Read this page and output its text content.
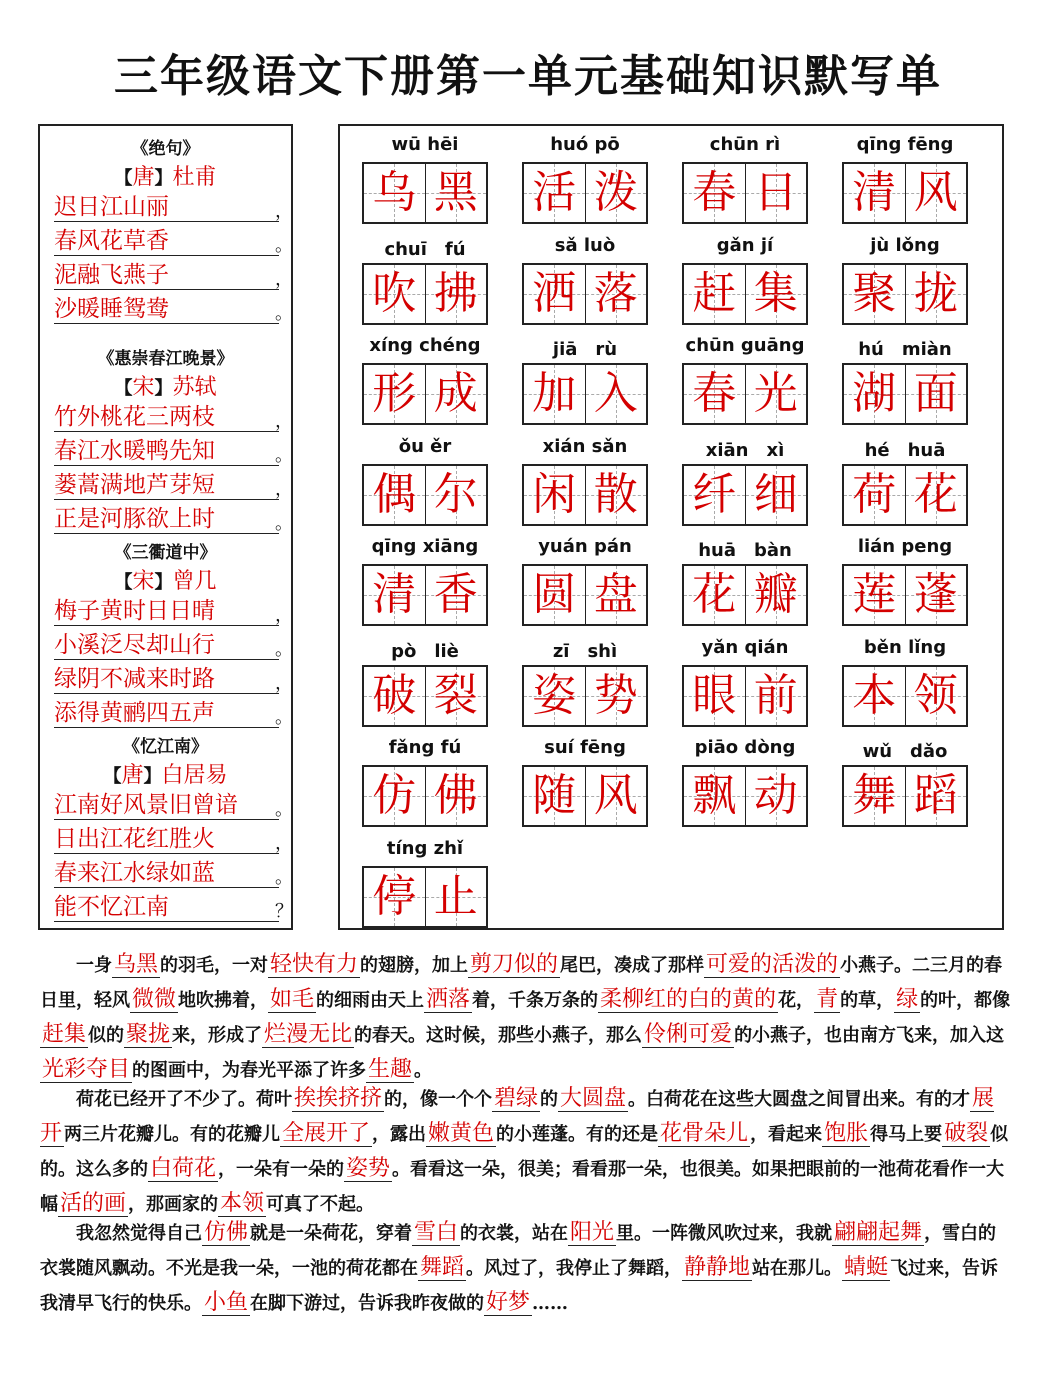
三年级语文下册第一单元基础知识默写单
《绝句》
【唐】杜甫
迟日江山丽	，
春风花草香	。
泥融飞燕子	，
沙暖睡鸳鸯	。
《惠崇春江晚景》
【宋】苏轼
竹外桃花三两枝	，
春江水暖鸭先知	。
蒌蒿满地芦芽短	，
正是河豚欲上时	。
《三衢道中》
【宋】曾几
梅子黄时日日晴	，
小溪泛尽却山行	。
绿阴不减来时路	，
添得黄鹂四五声	。
《忆江南》
【唐】白居易
江南好风景旧曾谙 。
日出江花红胜火	，
春来江水绿如蓝	。
能不忆江南	？
wū hēi
乌 黑
huó pō
活 泼
chūn rì
春 日
qīng fēng
清 风
chuī　fú
吹 拂
sǎ luò
洒 落
gǎn jí
赶 集
jù lǒng
聚 拢
xíng chéng
形 成
jiā　rù
加 入
chūn guāng
春 光
hú　miàn
湖 面
ǒu ěr
偶 尔
xián sǎn
闲 散
xiān　xì
纤 细
hé　huā
荷 花
qīng xiāng
清 香
yuán pán
圆 盘
huā　bàn
花 瓣
lián peng
莲 蓬
pò　liè
破 裂
zī　shì
姿 势
yǎn qián
眼 前
běn lǐng
本 领
fǎng fú
仿 佛
suí fēng
随 风
piāo dòng
飘 动
wǔ　dǎo
舞 蹈
tíng zhǐ
停 止
　　一身乌黑 的羽毛，一对轻快有力 的翅膀，加上剪刀似的 尾巴，凑成了那样可爱的活泼的 小燕子。二三月的春日里，轻风微微 地吹拂着，如毛 的细雨由天上洒落 着，千条万条的柔柳红的白的黄的 花，青 的草，绿 的叶，都像赶集 似的聚拢 来，形成了烂漫无比 的春天。这时候，那些小燕子，那么伶俐可爱 的小燕子，也由南方飞来，加入这光彩夺目 的图画中，为春光平添了许多生趣 。
　　荷花已经开了不少了。荷叶挨挨挤挤 的，像一个个碧绿 的大圆盘 。白荷花在这些大圆盘之间冒出来。有的才展开 两三片花瓣儿。有的花瓣儿全展开了 ，露出嫩黄色 的小莲蓬。有的还是花骨朵儿 ，看起来饱胀 得马上要破裂 似的。这么多的白荷花 ，一朵有一朵的姿势 。看看这一朵，很美；看看那一朵，也很美。如果把眼前的一池荷花看作一大幅活的画 ，那画家的本领 可真了不起。
　　我忽然觉得自己仿佛 就是一朵荷花，穿着雪白 的衣裳，站在阳光 里。一阵微风吹过来，我就翩翩起舞 ，雪白的衣裳随风飘动。不光是我一朵，一池的荷花都在舞蹈 。风过了，我停止了舞蹈，静静地 站在那儿。蜻蜓 飞过来，告诉我清早飞行的快乐。小鱼 在脚下游过，告诉我昨夜做的好梦 ……
